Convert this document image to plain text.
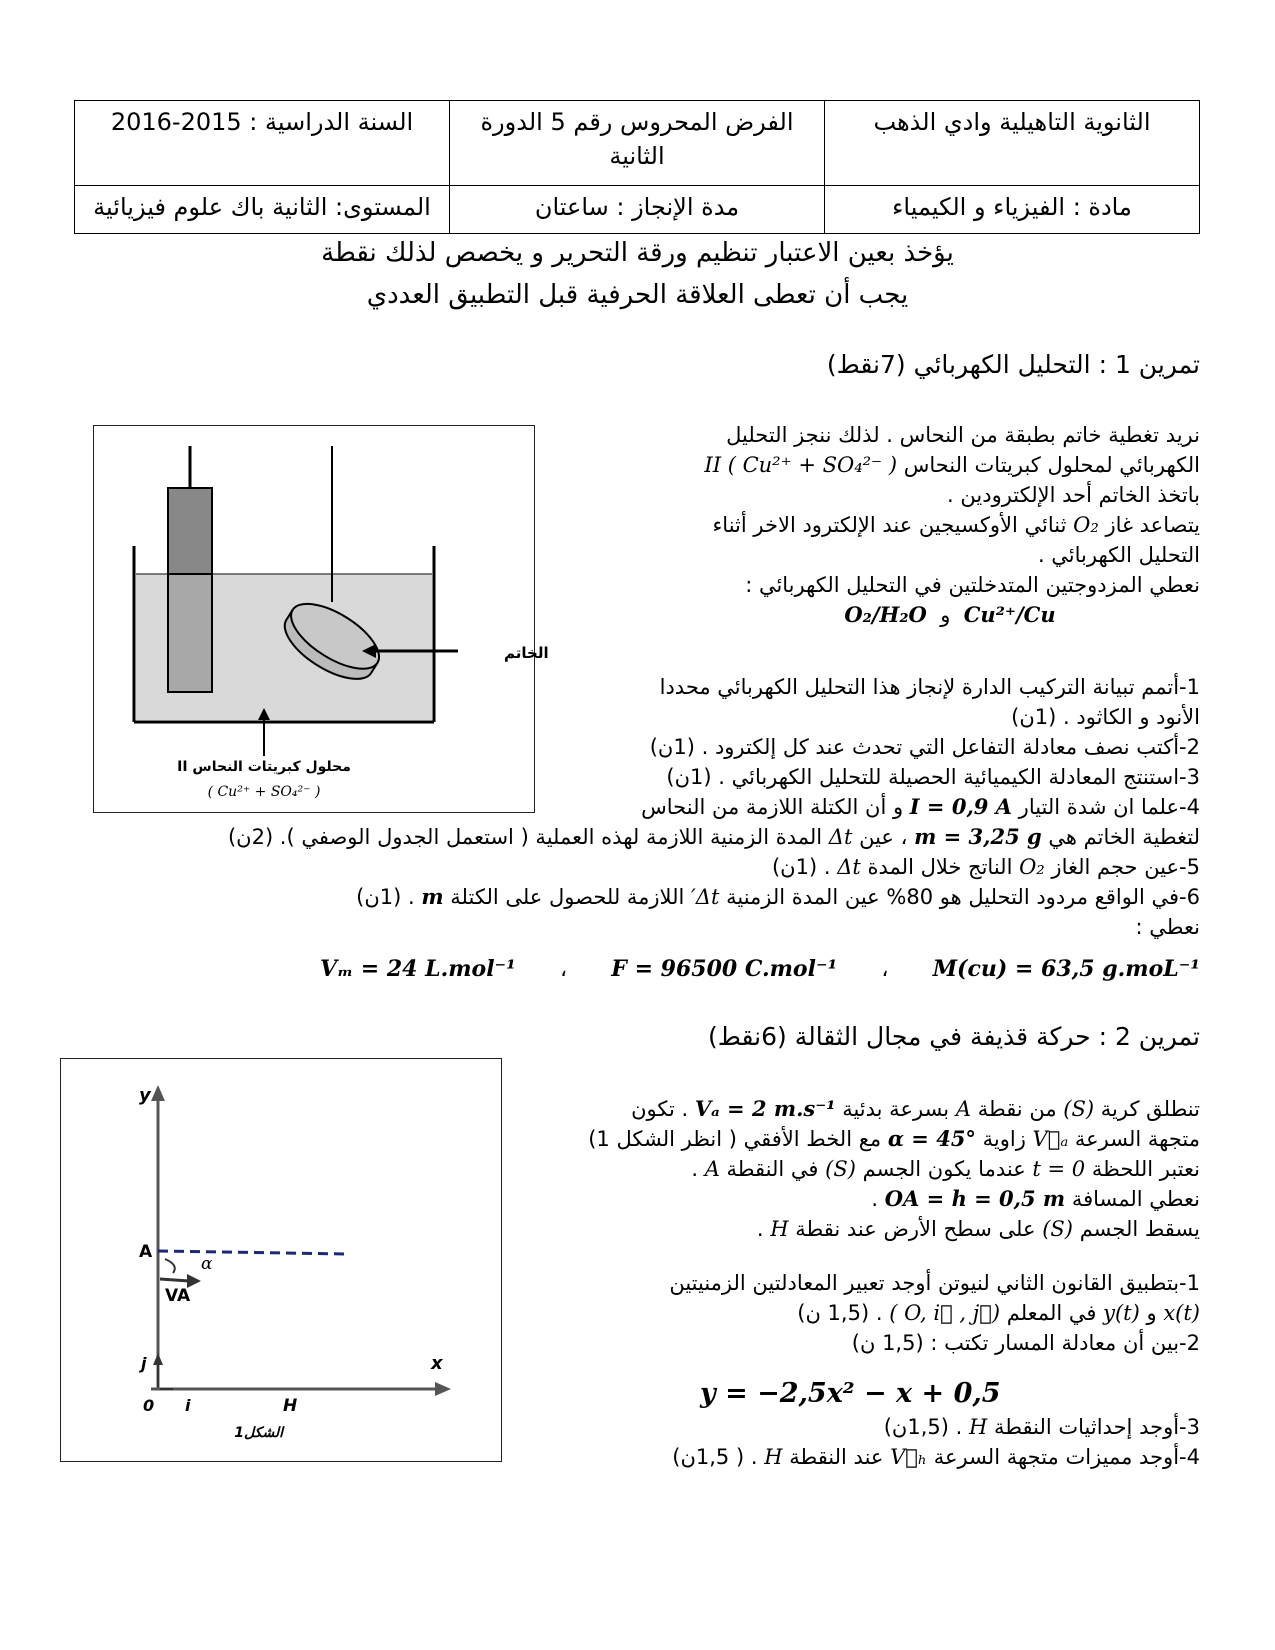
الثانوية التاهيلية وادي الذهب	الفرض المحروس رقم 5 الدورة الثانية	السنة الدراسية : 2015-2016
مادة : الفيزياء و الكيمياء	مدة الإنجاز : ساعتان	المستوى: الثانية باك علوم فيزيائية
يؤخذ بعين الاعتبار تنظيم ورقة التحرير و يخصص لذلك نقطة
يجب أن تعطى العلاقة الحرفية قبل التطبيق العددي
تمرين 1 : التحليل الكهربائي (7نقط)
الخاتم
محلول كبريتات النحاس II
( Cu²⁺ + SO₄²⁻ )

نريد تغطية خاتم بطبقة من النحاس . لذلك ننجز التحليل

الكهربائي لمحلول كبريتات النحاس II ( Cu²⁺ + SO₄²⁻ )

باتخذ الخاتم أحد الإلكترودين .

يتصاعد غاز O₂ ثنائي الأوكسيجين عند الإلكترود الاخر أثناء

التحليل الكهربائي .

نعطي المزدوجتين المتدخلتين في التحليل الكهربائي :

Cu²⁺/Cu  و  O₂/H₂O

1-أتمم تبيانة التركيب الدارة لإنجاز هذا التحليل الكهربائي محددا

الأنود و الكاثود . (1ن)

2-أكتب نصف معادلة التفاعل التي تحدث عند كل إلكترود . (1ن)

3-استنتج المعادلة الكيميائية الحصيلة للتحليل الكهربائي . (1ن)

4-علما ان شدة التيار I = 0,9 A و أن الكتلة اللازمة من النحاس

لتغطية الخاتم هي m = 3,25 g ، عين Δt المدة الزمنية اللازمة لهذه العملية ( استعمل الجدول الوصفي ). (2ن)

5-عين حجم الغاز O₂ الناتج خلال المدة Δt . (1ن)

6-في الواقع مردود التحليل هو 80% عين المدة الزمنية Δt′ اللازمة للحصول على الكتلة m . (1ن)

نعطي :

Vₘ = 24 L.mol⁻¹ ، F = 96500 C.mol⁻¹ ، M(cu) = 63,5 g.moL⁻¹
تمرين 2 : حركة قذيفة في مجال الثقالة (6نقط)
y
x
A
α
VA
j
i
0	H
الشكل1

تنطلق كرية (S) من نقطة A بسرعة بدئية Vₐ = 2 m.s⁻¹ . تكون

متجهة السرعة V⃗ₐ زاوية α = 45° مع الخط الأفقي ( انظر الشكل 1)

نعتبر اللحظة t = 0 عندما يكون الجسم (S) في النقطة A .

نعطي المسافة OA = h = 0,5 m .

يسقط الجسم (S) على سطح الأرض عند نقطة H .

1-بتطبيق القانون الثاني لنيوتن أوجد تعبير المعادلتين الزمنيتين

x(t) و y(t) في المعلم (O, i⃗ , j⃗ ) . (1,5 ن)

2-بين أن معادلة المسار تكتب : (1,5 ن)

y = −2,5x² − x + 0,5

3-أوجد إحداثيات النقطة H . (1,5ن)

4-أوجد مميزات متجهة السرعة V⃗ₕ عند النقطة H . ( 1,5ن)
